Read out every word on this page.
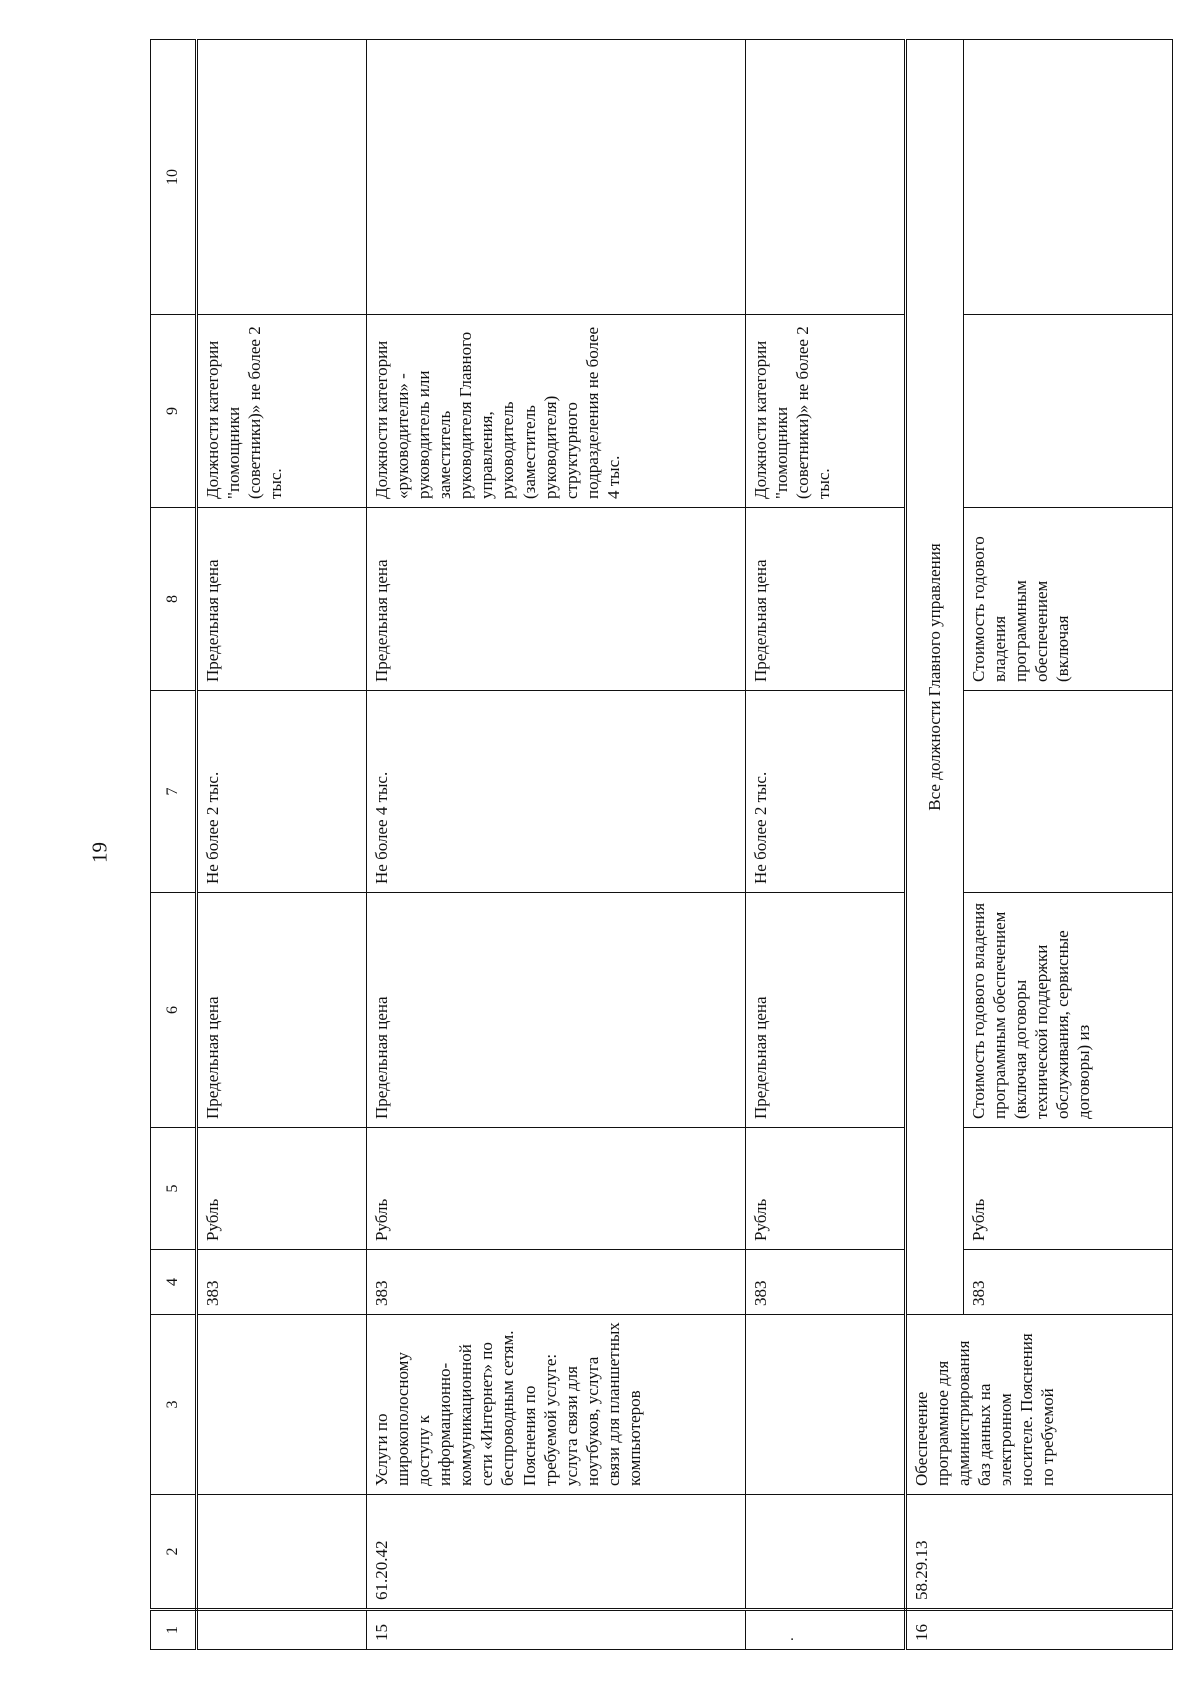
19
1	2	3	4	5	6	7	8	9	10
			383	Рубль	Предельная цена	Не более 2 тыс.	Предельная цена	Должности категории "помощники (советники)» не более 2 тыс.	
15	61.20.42	Услуги по широкополосному доступу к информационно-коммуникационной сети «Интернет» по беспроводным сетям. Пояснения по требуемой услуге: услуга связи для ноутбуков, услуга связи для планшетных компьютеров	383	Рубль	Предельная цена	Не более 4 тыс.	Предельная цена	Должности категории «руководители» - руководитель или заместитель руководителя Главного управления, руководитель (заместитель руководителя) структурного подразделения не более 4 тыс.	

.			383	Рубль	Предельная цена	Не более 2 тыс.	Предельная цена	Должности категории "помощники (советники)» не более 2 тыс.	
16	58.29.13	Обеспечение программное для администрирования баз данных на электронном носителе. Пояснения по требуемой	Все должности Главного управления						
			383	Рубль	Стоимость годового владения программным обеспечением (включая договоры технической поддержки обслуживания, сервисные договоры) из		Стоимость годового владения программным обеспечением (включая		
